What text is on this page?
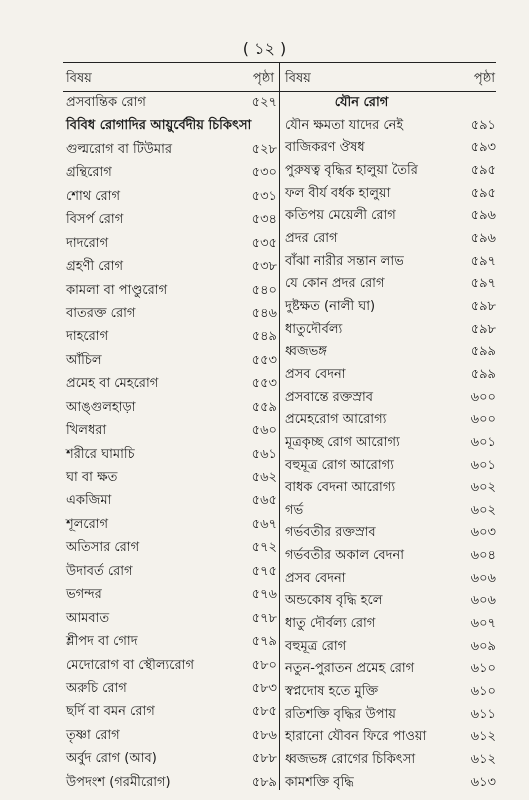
( ১২ )
বিষয়	পৃষ্ঠা বিষয়	পৃষ্ঠা
প্রসবান্তিক রোগ	৫২৭
বিবিধ রোগাদির আয়ুর্বেদীয় চিকিৎসা
গুল্মরোগ বা টিউমার	৫২৮
গ্রন্থিরোগ	৫৩০
শোথ রোগ	৫৩১
বিসর্প রোগ	৫৩৪
দাদরোগ	৫৩৫
গ্রহণী রোগ	৫৩৮
কামলা বা পাণ্ডুরোগ	৫৪০
বাতরক্ত রোগ	৫৪৬
দাহরোগ	৫৪৯
আঁচিল	৫৫৩
প্রমেহ বা মেহরোগ	৫৫৩
আঙ্গুলহাড়া	৫৫৯
খিলধরা	৫৬০
শরীরে ঘামাচি	৫৬১
ঘা বা ক্ষত	৫৬২
একজিমা	৫৬৫
শূলরোগ	৫৬৭
অতিসার রোগ	৫৭২
উদাবর্ত রোগ	৫৭৫
ভগন্দর	৫৭৬
আমবাত	৫৭৮
শ্লীপদ বা গোদ	৫৭৯
মেদোরোগ বা স্থৌল্যরোগ	৫৮০
অরুচি রোগ	৫৮৩
ছর্দি বা বমন রোগ	৫৮৫
তৃষ্ণা রোগ	৫৮৬
অর্বুদ রোগ (আব)	৫৮৮
উপদংশ (গরমীরোগ)	৫৮৯
যৌন রোগ
যৌন ক্ষমতা যাদের নেই	৫৯১
বাজিকরণ ঔষধ	৫৯৩
পুরুষত্ব বৃদ্ধির হালুয়া তৈরি	৫৯৫
ফল বীর্য বর্ধক হালুয়া	৫৯৫
কতিপয় মেয়েলী রোগ	৫৯৬
প্রদর রোগ	৫৯৬
বাঁঝা নারীর সন্তান লাভ	৫৯৭
যে কোন প্রদর রোগ	৫৯৭
দুষ্টক্ষত (নালী ঘা)	৫৯৮
ধাতুদৌর্বল্য	৫৯৮
ধ্বজভঙ্গ	৫৯৯
প্রসব বেদনা	৫৯৯
প্রসবান্তে রক্তস্রাব	৬০০
প্রমেহরোগ আরোগ্য	৬০০
মূত্রকৃচ্ছ রোগ আরোগ্য	৬০১
বহুমূত্র রোগ আরোগ্য	৬০১
বাধক বেদনা আরোগ্য	৬০২
গর্ভ	৬০২
গর্ভবতীর রক্তস্রাব	৬০৩
গর্ভবতীর অকাল বেদনা	৬০৪
প্রসব বেদনা	৬০৬
অন্ডকোষ বৃদ্ধি হলে	৬০৬
ধাতু দৌর্বল্য রোগ	৬০৭
বহুমূত্র রোগ	৬০৯
নতুন-পুরাতন প্রমেহ রোগ	৬১০
স্বপ্নদোষ হতে মুক্তি	৬১০
রতিশক্তি বৃদ্ধির উপায়	৬১১
হারানো যৌবন ফিরে পাওয়া	৬১২
ধ্বজভঙ্গ রোগের চিকিৎসা	৬১২
কামশক্তি বৃদ্ধি	৬১৩
